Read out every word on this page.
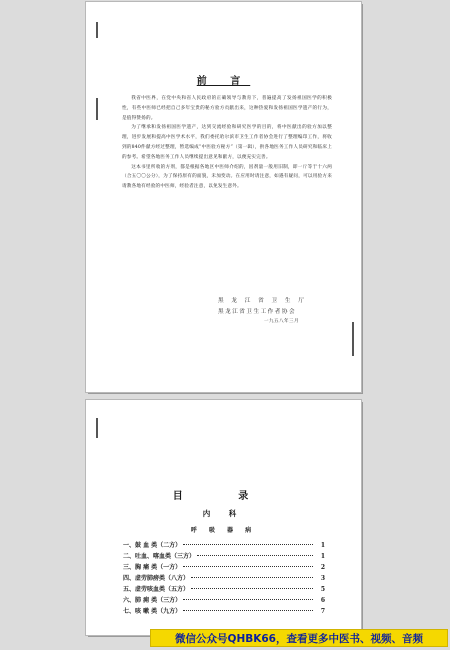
前 言

我省中医界，在党中央和省人民政府的正确领导与教育下，普遍提高了发扬祖国医学的积极性，有些中医师已经把自己多年宝贵的秘方验方贡献出来，这种热爱和发扬祖国医学遗产的行为，是值得赞扬的。

为了继承和发扬祖国医学遗产，达到交流经验和研究医学的目的，将中医献出的验方加以整理，进步发展和提高中医学术水平，我们委托哈尔滨市卫生工作者协会进行了整理编印工作，将收到的840件献方经过整理，暂选编成“中医验方秘方”（第一辑），供各地医务工作人员研究和临床上的参考。希望各地医务工作人员继续提出意见和献方，以便充实完善。

这本书里所收的方剂，都是根据各地区中医师介绍的，因剂量一般用旧制，即一斤等于十六两（合五〇〇公分），为了保持原有的面貌，未加变动。在应用时请注意，如遇有疑问，可以用验方来请教各地有经验的中医师，经验者注意，以免发生意外。

黑 龙 江 省 卫 生 厅
黑龙江省卫生工作者协会
一九五八年三月
目 录
内 科
呼 吸 器 病
一、鼓 血 类（二方）	1
二、吐血、喀血类（三方）	1
三、胸 痛 类（一方）	2
四、虚劳肺痨类（八方）	3
五、虚劳咳血类（五方）	5
六、肺 痈 类（三方）	6
七、咳 嗽 类（九方）	7
微信公众号QHBK66，查看更多中医书、视频、音频
